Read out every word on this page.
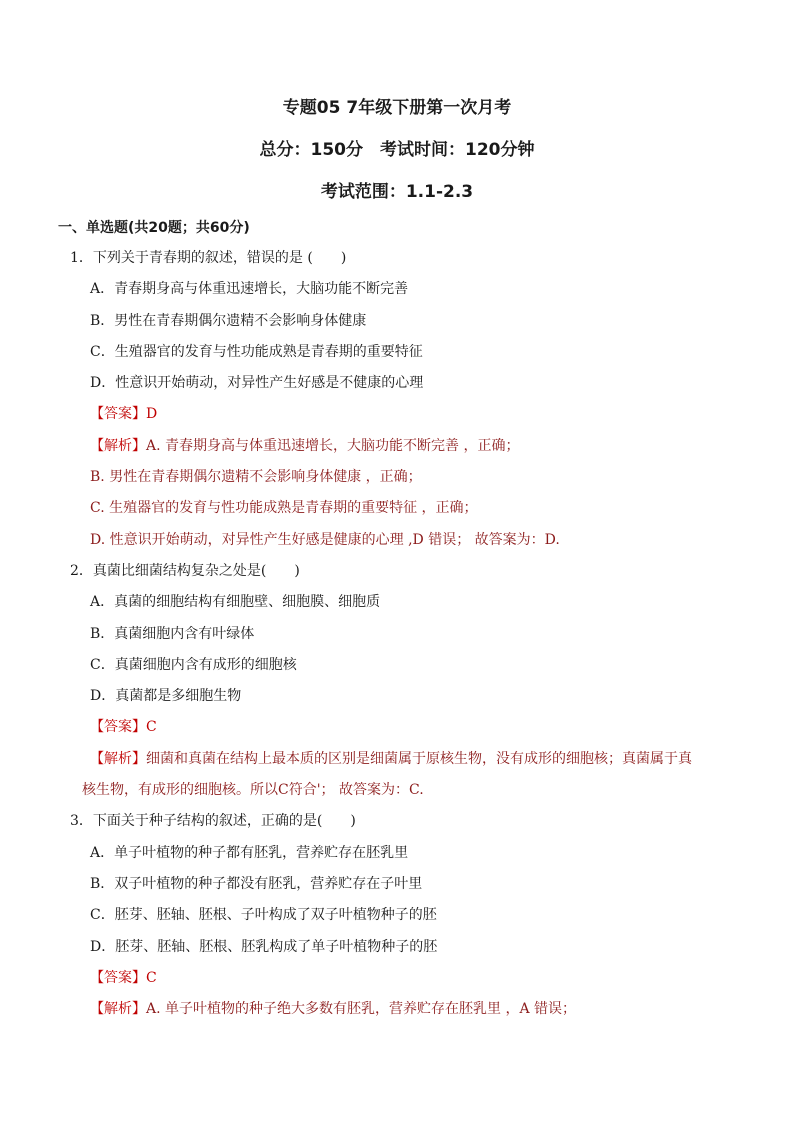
专题05 7年级下册第一次月考
总分：150分　考试时间：120分钟
考试范围：1.1-2.3
一、单选题(共20题；共60分)
1．下列关于青春期的叙述，错误的是 (　　)
A．青春期身高与体重迅速增长，大脑功能不断完善
B．男性在青春期偶尔遗精不会影响身体健康
C．生殖器官的发育与性功能成熟是青春期的重要特征
D．性意识开始萌动，对异性产生好感是不健康的心理
【答案】D
【解析】A. 青春期身高与体重迅速增长，大脑功能不断完善 ，正确；
B. 男性在青春期偶尔遗精不会影响身体健康 ，正确；
C. 生殖器官的发育与性功能成熟是青春期的重要特征 ，正确；
D. 性意识开始萌动，对异性产生好感是健康的心理 ,D 错误； 故答案为：D.
2．真菌比细菌结构复杂之处是(　　)
A．真菌的细胞结构有细胞壁、细胞膜、细胞质
B．真菌细胞内含有叶绿体
C．真菌细胞内含有成形的细胞核
D．真菌都是多细胞生物
【答案】C
【解析】细菌和真菌在结构上最本质的区别是细菌属于原核生物，没有成形的细胞核；真菌属于真
核生物，有成形的细胞核。所以C符合'； 故答案为：C.
3．下面关于种子结构的叙述，正确的是(　　)
A．单子叶植物的种子都有胚乳，营养贮存在胚乳里
B．双子叶植物的种子都没有胚乳，营养贮存在子叶里
C．胚芽、胚轴、胚根、子叶构成了双子叶植物种子的胚
D．胚芽、胚轴、胚根、胚乳构成了单子叶植物种子的胚
【答案】C
【解析】A. 单子叶植物的种子绝大多数有胚乳，营养贮存在胚乳里 ，A 错误；
